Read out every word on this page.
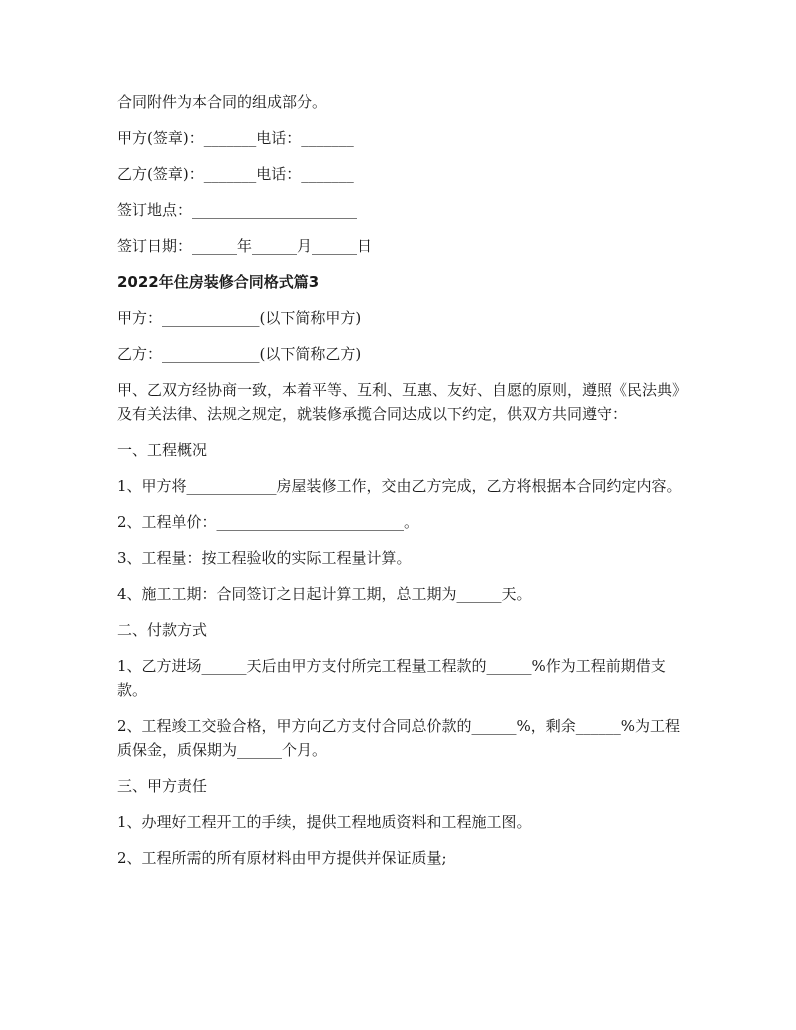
合同附件为本合同的组成部分。

甲方(签章)：_______电话：_______

乙方(签章)：_______电话：_______

签订地点：______________________

签订日期：______年______月______日

2022年住房装修合同格式篇3

甲方：_____________(以下简称甲方)

乙方：_____________(以下简称乙方)

甲、乙双方经协商一致，本着平等、互利、互惠、友好、自愿的原则，遵照《民法典》及有关法律、法规之规定，就装修承揽合同达成以下约定，供双方共同遵守：

一、工程概况

1、甲方将____________房屋装修工作，交由乙方完成，乙方将根据本合同约定内容。

2、工程单价：_________________________。

3、工程量：按工程验收的实际工程量计算。

4、施工工期：合同签订之日起计算工期，总工期为______天。

二、付款方式

1、乙方进场______天后由甲方支付所完工程量工程款的______%作为工程前期借支款。

2、工程竣工交验合格，甲方向乙方支付合同总价款的______%，剩余______%为工程质保金，质保期为______个月。

三、甲方责任

1、办理好工程开工的手续，提供工程地质资料和工程施工图。

2、工程所需的所有原材料由甲方提供并保证质量;
